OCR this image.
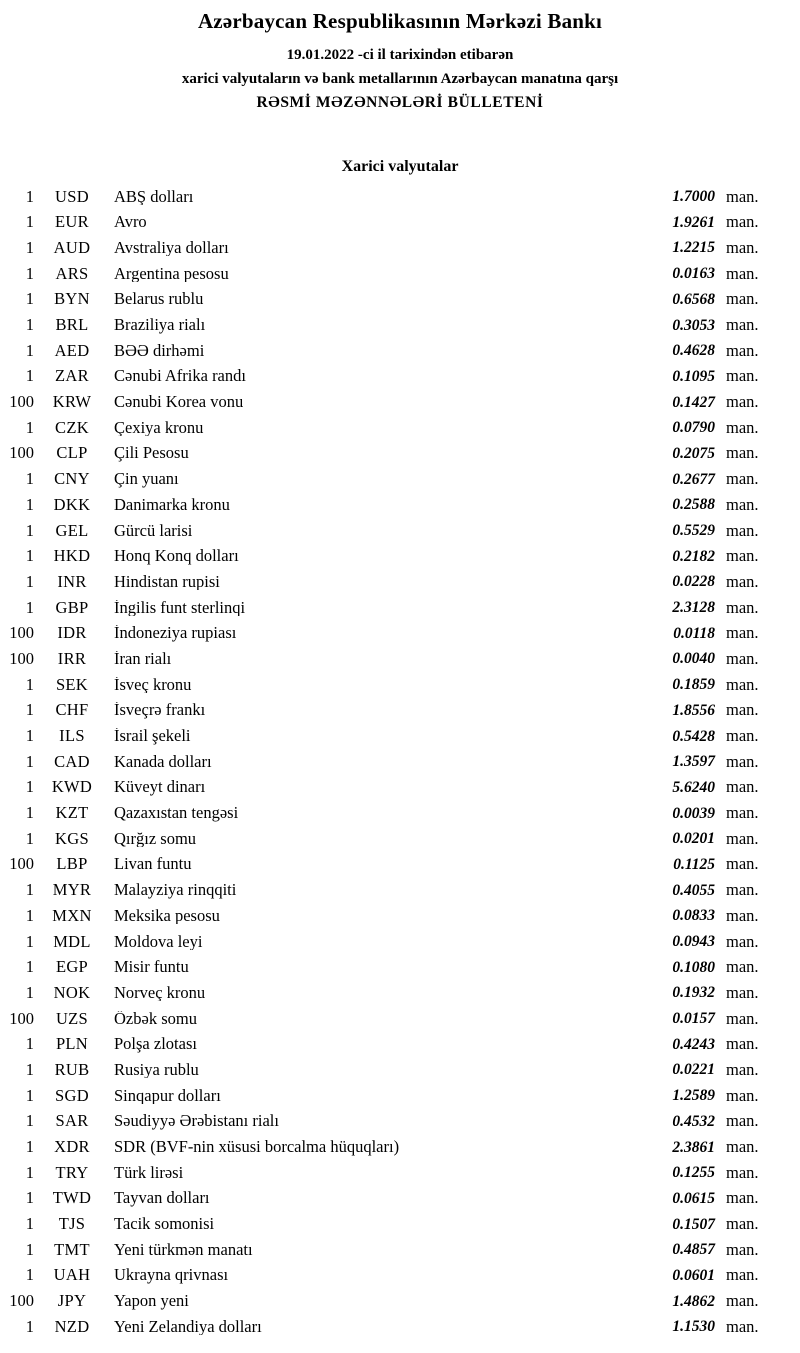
Azərbaycan Respublikasının Mərkəzi Bankı
19.01.2022 -ci il tarixindən etibarən
xarici valyutaların və bank metallarının Azərbaycan manatına qarşı
RƏSMİ MƏZƏNNƏLƏRİ BÜLLETENİ
Xarici valyutalar
1	USD	ABŞ dolları	1.7000 man.
1	EUR	Avro	1.9261 man.
1	AUD	Avstraliya dolları	1.2215 man.
1	ARS	Argentina pesosu	0.0163 man.
1	BYN	Belarus rublu	0.6568 man.
1	BRL	Braziliya rialı	0.3053 man.
1	AED	BƏƏ dirhəmi	0.4628 man.
1	ZAR	Cənubi Afrika randı	0.1095 man.
100	KRW	Cənubi Korea vonu	0.1427 man.
1	CZK	Çexiya kronu	0.0790 man.
100	CLP	Çili Pesosu	0.2075 man.
1	CNY	Çin yuanı	0.2677 man.
1	DKK	Danimarka kronu	0.2588 man.
1	GEL	Gürcü larisi	0.5529 man.
1	HKD	Honq Konq dolları	0.2182 man.
1	INR	Hindistan rupisi	0.0228 man.
1	GBP	İngilis funt sterlinqi	2.3128 man.
100	IDR	İndoneziya rupiası	0.0118 man.
100	IRR	İran rialı	0.0040 man.
1	SEK	İsveç kronu	0.1859 man.
1	CHF	İsveçrə frankı	1.8556 man.
1	ILS	İsrail şekeli	0.5428 man.
1	CAD	Kanada dolları	1.3597 man.
1	KWD	Küveyt dinarı	5.6240 man.
1	KZT	Qazaxıstan tengəsi	0.0039 man.
1	KGS	Qırğız somu	0.0201 man.
100	LBP	Livan funtu	0.1125 man.
1	MYR	Malayziya rinqqiti	0.4055 man.
1	MXN	Meksika pesosu	0.0833 man.
1	MDL	Moldova leyi	0.0943 man.
1	EGP	Misir funtu	0.1080 man.
1	NOK	Norveç kronu	0.1932 man.
100	UZS	Özbək somu	0.0157 man.
1	PLN	Polşa zlotası	0.4243 man.
1	RUB	Rusiya rublu	0.0221 man.
1	SGD	Sinqapur dolları	1.2589 man.
1	SAR	Səudiyyə Ərəbistanı rialı	0.4532 man.
1	XDR	SDR (BVF-nin xüsusi borcalma hüquqları)	2.3861 man.
1	TRY	Türk lirəsi	0.1255 man.
1	TWD	Tayvan dolları	0.0615 man.
1	TJS	Tacik somonisi	0.1507 man.
1	TMT	Yeni türkmən manatı	0.4857 man.
1	UAH	Ukrayna qrivnası	0.0601 man.
100	JPY	Yapon yeni	1.4862 man.
1	NZD	Yeni Zelandiya dolları	1.1530 man.
